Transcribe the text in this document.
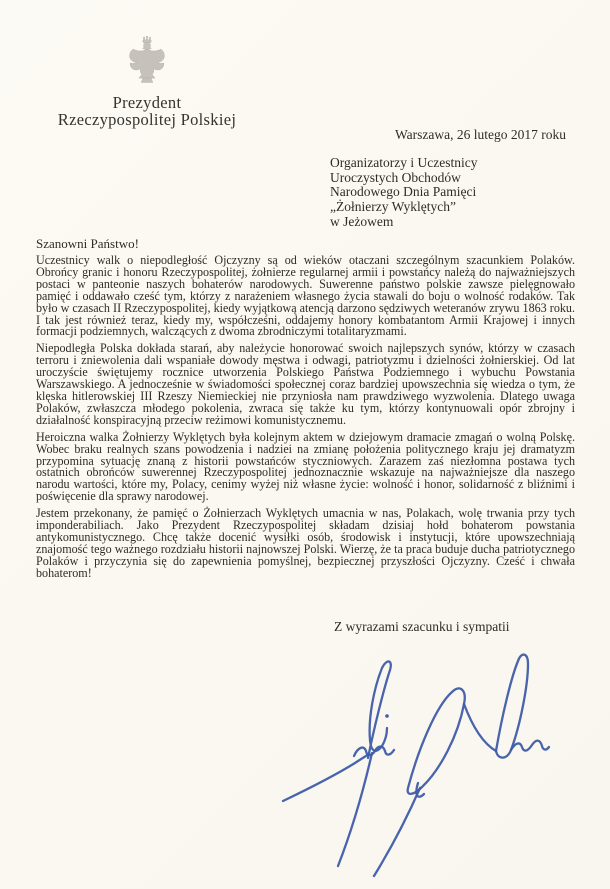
Prezydent
Rzeczypospolitej Polskiej
Warszawa, 26 lutego 2017 roku
Organizatorzy i Uczestnicy
Uroczystych Obchodów
Narodowego Dnia Pamięci
„Żołnierzy Wyklętych”
w Jeżowem
Szanowni Państwo!

Uczestnicy walk o niepodległość Ojczyzny są od wieków otaczani szczególnym szacunkiem Polaków. Obrońcy granic i honoru Rzeczypospolitej, żołnierze regularnej armii i powstańcy należą do najważniejszych postaci w panteonie naszych bohaterów narodowych. Suwerenne państwo polskie zawsze pielęgnowało pamięć i oddawało cześć tym, którzy z narażeniem własnego życia stawali do boju o wolność rodaków. Tak było w czasach II Rzeczypospolitej, kiedy wyjątkową atencją darzono sędziwych weteranów zrywu 1863 roku. I tak jest również teraz, kiedy my, współcześni, oddajemy honory kombatantom Armii Krajowej i innych formacji podziemnych, walczących z dwoma zbrodniczymi totalitaryzmami.

Niepodległa Polska dokłada starań, aby należycie honorować swoich najlepszych synów, którzy w czasach terroru i zniewolenia dali wspaniałe dowody męstwa i odwagi, patriotyzmu i dzielności żołnierskiej. Od lat uroczyście świętujemy rocznice utworzenia Polskiego Państwa Podziemnego i wybuchu Powstania Warszawskiego. A jednocześnie w świadomości społecznej coraz bardziej upowszechnia się wiedza o tym, że klęska hitlerowskiej III Rzeszy Niemieckiej nie przyniosła nam prawdziwego wyzwolenia. Dlatego uwaga Polaków, zwłaszcza młodego pokolenia, zwraca się także ku tym, którzy kontynuowali opór zbrojny i działalność konspiracyjną przeciw reżimowi komunistycznemu.

Heroiczna walka Żołnierzy Wyklętych była kolejnym aktem w dziejowym dramacie zmagań o wolną Polskę. Wobec braku realnych szans powodzenia i nadziei na zmianę położenia politycznego kraju jej dramatyzm przypomina sytuację znaną z historii powstańców styczniowych. Zarazem zaś niezłomna postawa tych ostatnich obrońców suwerennej Rzeczypospolitej jednoznacznie wskazuje na najważniejsze dla naszego narodu wartości, które my, Polacy, cenimy wyżej niż własne życie: wolność i honor, solidarność z bliźnimi i poświęcenie dla sprawy narodowej.

Jestem przekonany, że pamięć o Żołnierzach Wyklętych umacnia w nas, Polakach, wolę trwania przy tych imponderabiliach. Jako Prezydent Rzeczypospolitej składam dzisiaj hołd bohaterom powstania antykomunistycznego. Chcę także docenić wysiłki osób, środowisk i instytucji, które upowszechniają znajomość tego ważnego rozdziału historii najnowszej Polski. Wierzę, że ta praca buduje ducha patriotycznego Polaków i przyczynia się do zapewnienia pomyślnej, bezpiecznej przyszłości Ojczyzny. Cześć i chwała bohaterom!

Z wyrazami szacunku i sympatii
